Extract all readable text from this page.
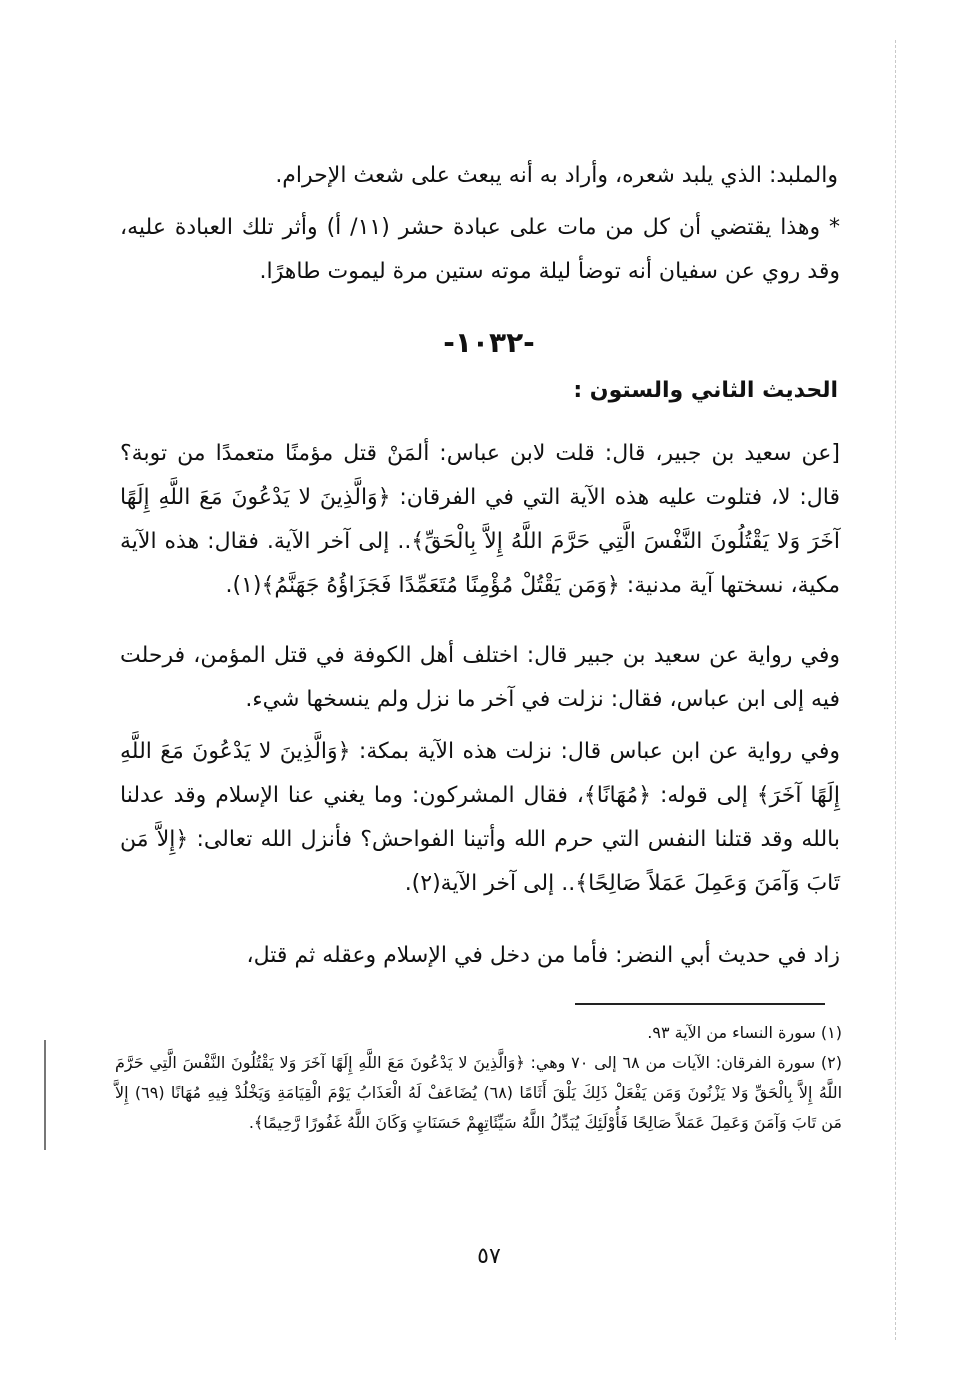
والملبد: الذي يلبد شعره، وأراد به أنه يبعث على شعث الإحرام.
* وهذا يقتضي أن كل من مات على عبادة حشر (١١/ أ) وأثر تلك العبادة عليه، وقد روي عن سفيان أنه توضأ ليلة موته ستين مرة ليموت طاهرًا.
-١٠٣٢-
الحديث الثاني والستون :
[عن سعيد بن جبير، قال: قلت لابن عباس: ألمَنْ قتل مؤمنًا متعمدًا من توبة؟ قال: لا، فتلوت عليه هذه الآية التي في الفرقان: ﴿وَالَّذِينَ لا يَدْعُونَ مَعَ اللَّهِ إِلَهًا آخَرَ وَلا يَقْتُلُونَ النَّفْسَ الَّتِي حَرَّمَ اللَّهُ إِلاَّ بِالْحَقِّ﴾.. إلى آخر الآية. فقال: هذه الآية مكية، نسختها آية مدنية: ﴿وَمَن يَقْتُلْ مُؤْمِنًا مُتَعَمِّدًا فَجَزَاؤُهُ جَهَنَّمُ﴾(١).
وفي رواية عن سعيد بن جبير قال: اختلف أهل الكوفة في قتل المؤمن، فرحلت فيه إلى ابن عباس، فقال: نزلت في آخر ما نزل ولم ينسخها شيء.
وفي رواية عن ابن عباس قال: نزلت هذه الآية بمكة: ﴿وَالَّذِينَ لا يَدْعُونَ مَعَ اللَّهِ إِلَهًا آخَرَ﴾ إلى قوله: ﴿مُهَانًا﴾، فقال المشركون: وما يغني عنا الإسلام وقد عدلنا بالله وقد قتلنا النفس التي حرم الله وأتينا الفواحش؟ فأنزل الله تعالى: ﴿إِلاَّ مَن تَابَ وَآمَنَ وَعَمِلَ عَمَلاً صَالِحًا﴾.. إلى آخر الآية(٢).
زاد في حديث أبي النضر: فأما من دخل في الإسلام وعقله ثم قتل،

(١) سورة النساء من الآية ٩٣.

(٢) سورة الفرقان: الآيات من ٦٨ إلى ٧٠ وهي: ﴿وَالَّذِينَ لا يَدْعُونَ مَعَ اللَّهِ إِلَهًا آخَرَ وَلا يَقْتُلُونَ النَّفْسَ الَّتِي حَرَّمَ اللَّهُ إِلاَّ بِالْحَقِّ وَلا يَزْنُونَ وَمَن يَفْعَلْ ذَلِكَ يَلْقَ أَثَامًا (٦٨) يُضَاعَفْ لَهُ الْعَذَابُ يَوْمَ الْقِيَامَةِ وَيَخْلُدْ فِيهِ مُهَانًا (٦٩) إِلاَّ مَن تَابَ وَآمَنَ وَعَمِلَ عَمَلاً صَالِحًا فَأُوْلَئِكَ يُبَدِّلُ اللَّهُ سَيِّئَاتِهِمْ حَسَنَاتٍ وَكَانَ اللَّهُ غَفُورًا رَّحِيمًا﴾.

٥٧
